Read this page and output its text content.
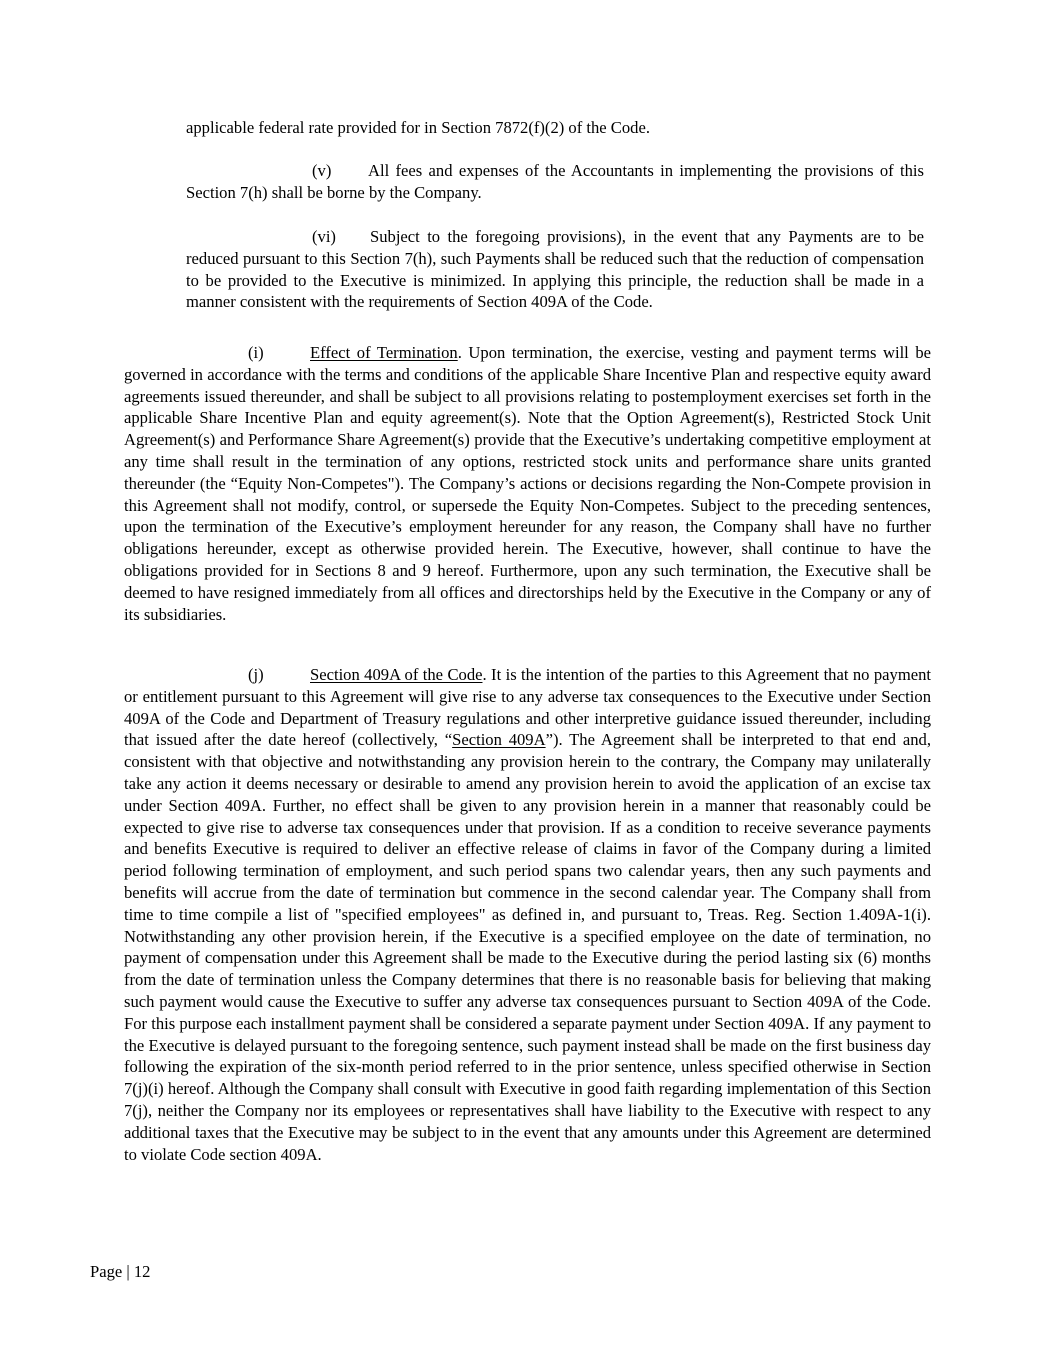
applicable federal rate provided for in Section 7872(f)(2) of the Code.

(v) All fees and expenses of the Accountants in implementing the provisions of this Section 7(h) shall be borne by the Company.

(vi) Subject to the foregoing provisions), in the event that any Payments are to be reduced pursuant to this Section 7(h), such Payments shall be reduced such that the reduction of compensation to be provided to the Executive is minimized. In applying this principle, the reduction shall be made in a manner consistent with the requirements of Section 409A of the Code.

(i)	Effect of Termination. Upon termination, the exercise, vesting and payment terms will be governed in accordance with the terms and conditions of the applicable Share Incentive Plan and respective equity award agreements issued thereunder, and shall be subject to all provisions relating to postemployment exercises set forth in the applicable Share Incentive Plan and equity agreement(s). Note that the Option Agreement(s), Restricted Stock Unit Agreement(s) and Performance Share Agreement(s) provide that the Executive’s undertaking competitive employment at any time shall result in the termination of any options, restricted stock units and performance share units granted thereunder (the “Equity Non-Competes"). The Company’s actions or decisions regarding the Non-Compete provision in this Agreement shall not modify, control, or supersede the Equity Non-Competes. Subject to the preceding sentences, upon the termination of the Executive’s employment hereunder for any reason, the Company shall have no further obligations hereunder, except as otherwise provided herein. The Executive, however, shall continue to have the obligations provided for in Sections 8 and 9 hereof. Furthermore, upon any such termination, the Executive shall be deemed to have resigned immediately from all offices and directorships held by the Executive in the Company or any of its subsidiaries.

(j)	Section 409A of the Code. It is the intention of the parties to this Agreement that no payment or entitlement pursuant to this Agreement will give rise to any adverse tax consequences to the Executive under Section 409A of the Code and Department of Treasury regulations and other interpretive guidance issued thereunder, including that issued after the date hereof (collectively, “Section 409A”). The Agreement shall be interpreted to that end and, consistent with that objective and notwithstanding any provision herein to the contrary, the Company may unilaterally take any action it deems necessary or desirable to amend any provision herein to avoid the application of an excise tax under Section 409A. Further, no effect shall be given to any provision herein in a manner that reasonably could be expected to give rise to adverse tax consequences under that provision. If as a condition to receive severance payments and benefits Executive is required to deliver an effective release of claims in favor of the Company during a limited period following termination of employment, and such period spans two calendar years, then any such payments and benefits will accrue from the date of termination but commence in the second calendar year. The Company shall from time to time compile a list of "specified employees" as defined in, and pursuant to, Treas. Reg. Section 1.409A-1(i). Notwithstanding any other provision herein, if the Executive is a specified employee on the date of termination, no payment of compensation under this Agreement shall be made to the Executive during the period lasting six (6) months from the date of termination unless the Company determines that there is no reasonable basis for believing that making such payment would cause the Executive to suffer any adverse tax consequences pursuant to Section 409A of the Code. For this purpose each installment payment shall be considered a separate payment under Section 409A. If any payment to the Executive is delayed pursuant to the foregoing sentence, such payment instead shall be made on the first business day following the expiration of the six-month period referred to in the prior sentence, unless specified otherwise in Section 7(j)(i) hereof. Although the Company shall consult with Executive in good faith regarding implementation of this Section 7(j), neither the Company nor its employees or representatives shall have liability to the Executive with respect to any additional taxes that the Executive may be subject to in the event that any amounts under this Agreement are determined to violate Code section 409A.

Page | 12
